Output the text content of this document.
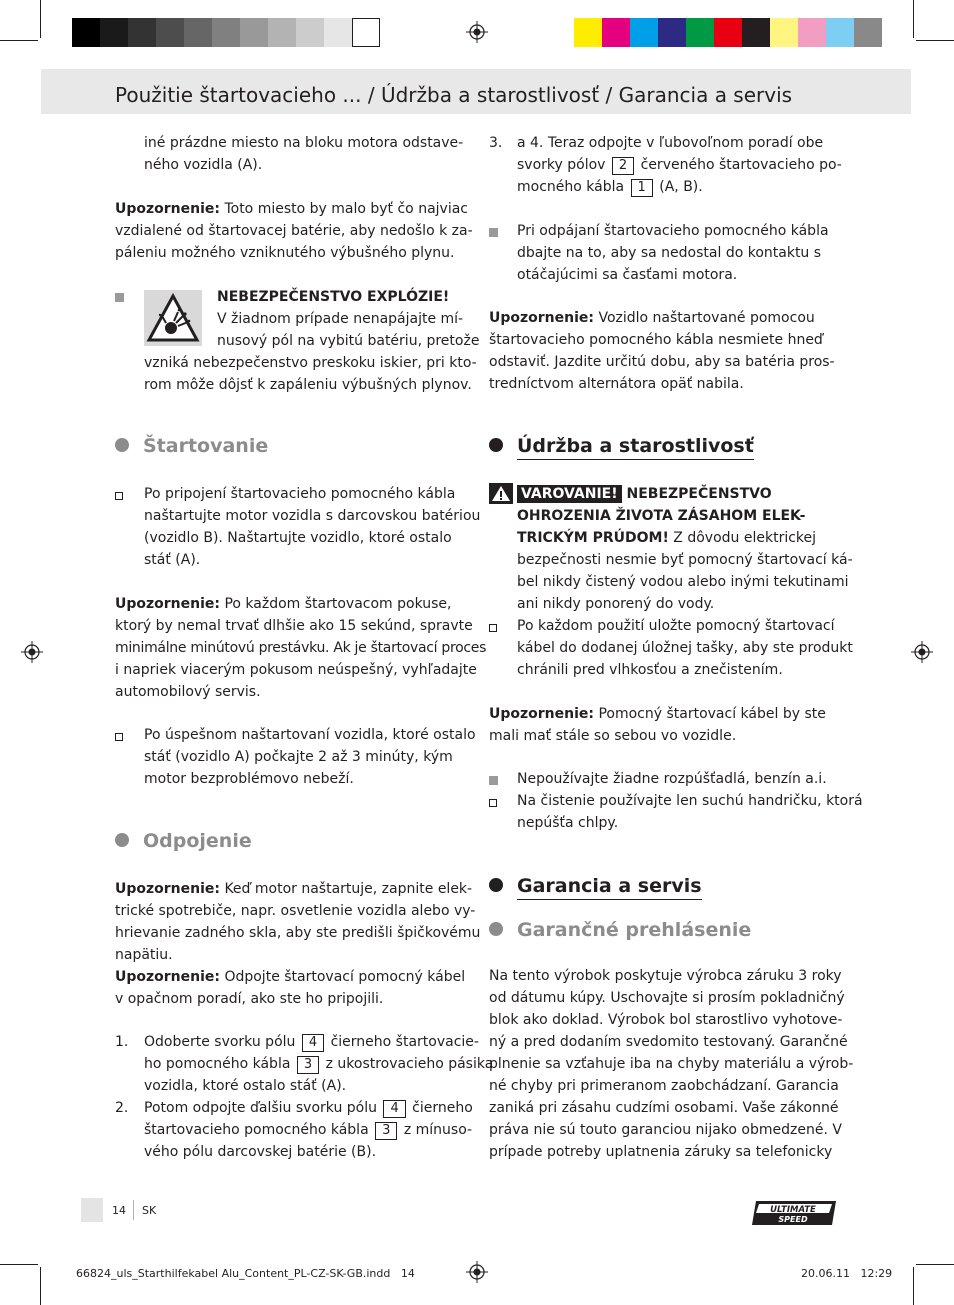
Použitie štartovacieho ... / Údržba a starostlivosť / Garancia a servis
iné prázdne miesto na bloku motora odstave-
ného vozidla (A).
Upozornenie: Toto miesto by malo byť čo najviac
vzdialené od štartovacej batérie, aby nedošlo k za-
páleniu možného vzniknutého výbušného plynu.
NEBEZPEČENSTVO EXPLÓZIE!
V žiadnom prípade nenapájajte mí-
nusový pól na vybitú batériu, pretože
vzniká nebezpečenstvo preskoku iskier, pri kto-
rom môže dôjsť k zapáleniu výbušných plynov.
Štartovanie
Po pripojení štartovacieho pomocného kábla
naštartujte motor vozidla s darcovskou batériou
(vozidlo B). Naštartujte vozidlo, ktoré ostalo
stáť (A).
Upozornenie: Po každom štartovacom pokuse,
ktorý by nemal trvať dlhšie ako 15 sekúnd, spravte
minimálne minútovú prestávku. Ak je štartovací proces
i napriek viacerým pokusom neúspešný, vyhľadajte
automobilový servis.
Po úspešnom naštartovaní vozidla, ktoré ostalo
stáť (vozidlo A) počkajte 2 až 3 minúty, kým
motor bezproblémovo nebeží.
Odpojenie
Upozornenie: Keď motor naštartuje, zapnite elek-
trické spotrebiče, napr. osvetlenie vozidla alebo vy-
hrievanie zadného skla, aby ste predišli špičkovému
napätiu.
Upozornenie: Odpojte štartovací pomocný kábel
v opačnom poradí, ako ste ho pripojili.
1. Odoberte svorku pólu 4 čierneho štartovacie-
ho pomocného kábla 3 z ukostrovacieho pásika
vozidla, ktoré ostalo stáť (A).
2. Potom odpojte ďalšiu svorku pólu 4 čierneho
štartovacieho pomocného kábla 3 z mínuso-
vého pólu darcovskej batérie (B).
3. a 4. Teraz odpojte v ľubovoľnom poradí obe
svorky pólov 2 červeného štartovacieho po-
mocného kábla 1 (A, B).
Pri odpájaní štartovacieho pomocného kábla
dbajte na to, aby sa nedostal do kontaktu s
otáčajúcimi sa časťami motora.
Upozornenie: Vozidlo naštartované pomocou
štartovacieho pomocného kábla nesmiete hneď
odstaviť. Jazdite určitú dobu, aby sa batéria pros-
tredníctvom alternátora opäť nabila.
Údržba a starostlivosť
VAROVANIE! NEBEZPEČENSTVO
OHROZENIA ŽIVOTA ZÁSAHOM ELEK-
TRICKÝM PRÚDOM! Z dôvodu elektrickej
bezpečnosti nesmie byť pomocný štartovací ká-
bel nikdy čistený vodou alebo inými tekutinami
ani nikdy ponorený do vody.
Po každom použití uložte pomocný štartovací
kábel do dodanej úložnej tašky, aby ste produkt
chránili pred vlhkosťou a znečistením.
Upozornenie: Pomocný štartovací kábel by ste
mali mať stále so sebou vo vozidle.
Nepoužívajte žiadne rozpúšťadlá, benzín a.i.
Na čistenie používajte len suchú handričku, ktorá
nepúšťa chlpy.
Garancia a servis
Garančné prehlásenie
Na tento výrobok poskytuje výrobca záruku 3 roky
od dátumu kúpy. Uschovajte si prosím pokladničný
blok ako doklad. Výrobok bol starostlivo vyhotove-
ný a pred dodaním svedomito testovaný. Garančné
plnenie sa vzťahuje iba na chyby materiálu a výrob-
né chyby pri primeranom zaobchádzaní. Garancia
zaniká pri zásahu cudzími osobami. Vaše zákonné
práva nie sú touto garanciou nijako obmedzené. V
prípade potreby uplatnenia záruky sa telefonicky
14 SK	ULTIMATE
SPEED
66824_uls_Starthilfekabel Alu_Content_PL-CZ-SK-GB.indd   14	20.06.11   12:29
